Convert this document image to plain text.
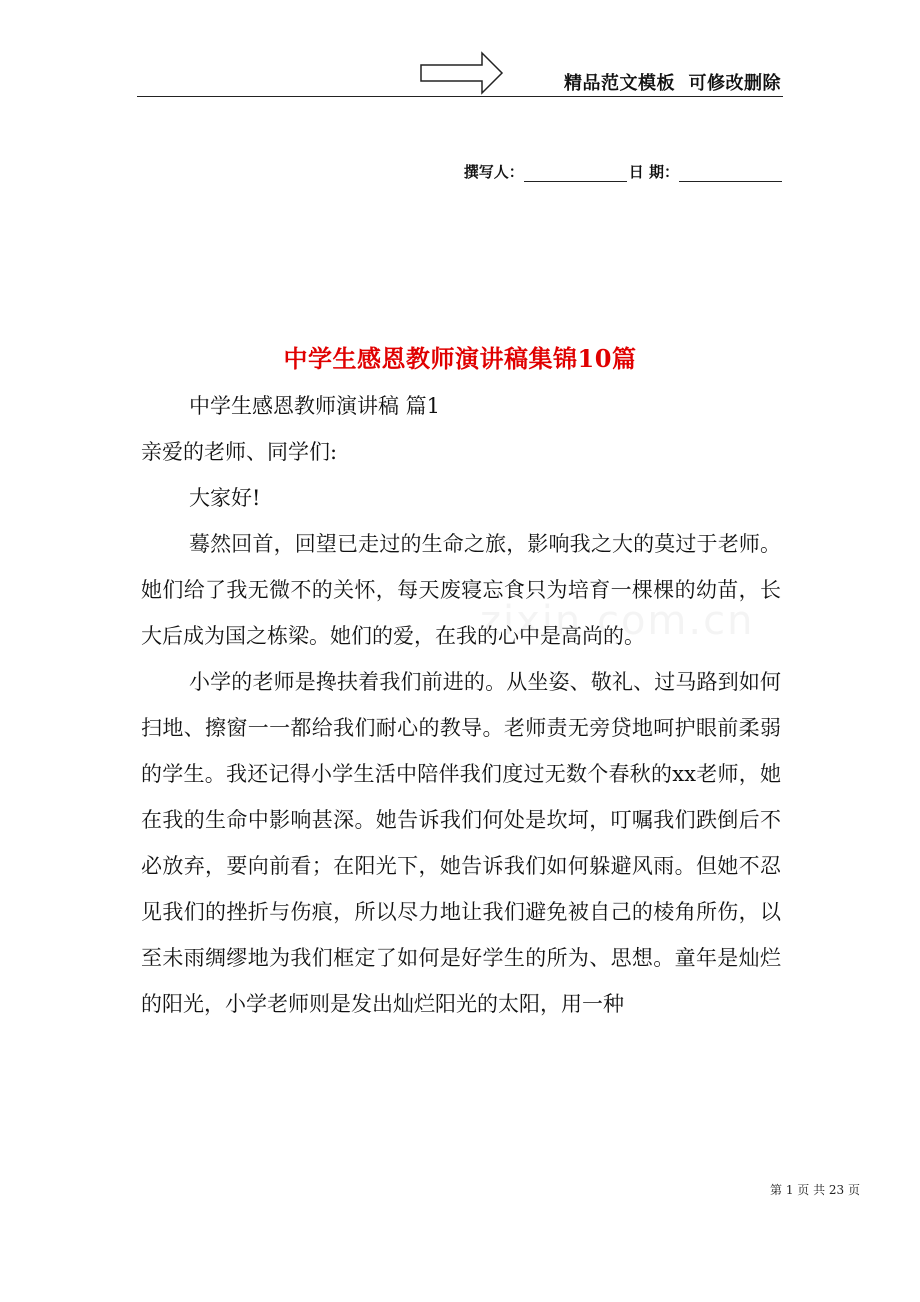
精品范文模板  可修改删除
撰写人：	日 期：
中学生感恩教师演讲稿集锦10篇
zixin.com.cn

中学生感恩教师演讲稿 篇1

亲爱的老师、同学们:

大家好!

蓦然回首，回望已走过的生命之旅，影响我之大的莫过于老师。她们给了我无微不的关怀，每天废寝忘食只为培育一棵棵的幼苗，长大后成为国之栋梁。她们的爱，在我的心中是高尚的。

小学的老师是搀扶着我们前进的。从坐姿、敬礼、过马路到如何扫地、擦窗一一都给我们耐心的教导。老师责无旁贷地呵护眼前柔弱的学生。我还记得小学生活中陪伴我们度过无数个春秋的xx老师，她在我的生命中影响甚深。她告诉我们何处是坎坷，叮嘱我们跌倒后不必放弃，要向前看；在阳光下，她告诉我们如何躲避风雨。但她不忍见我们的挫折与伤痕，所以尽力地让我们避免被自己的棱角所伤，以至未雨绸缪地为我们框定了如何是好学生的所为、思想。童年是灿烂的阳光，小学老师则是发出灿烂阳光的太阳，用一种

第 1 页 共 23 页
